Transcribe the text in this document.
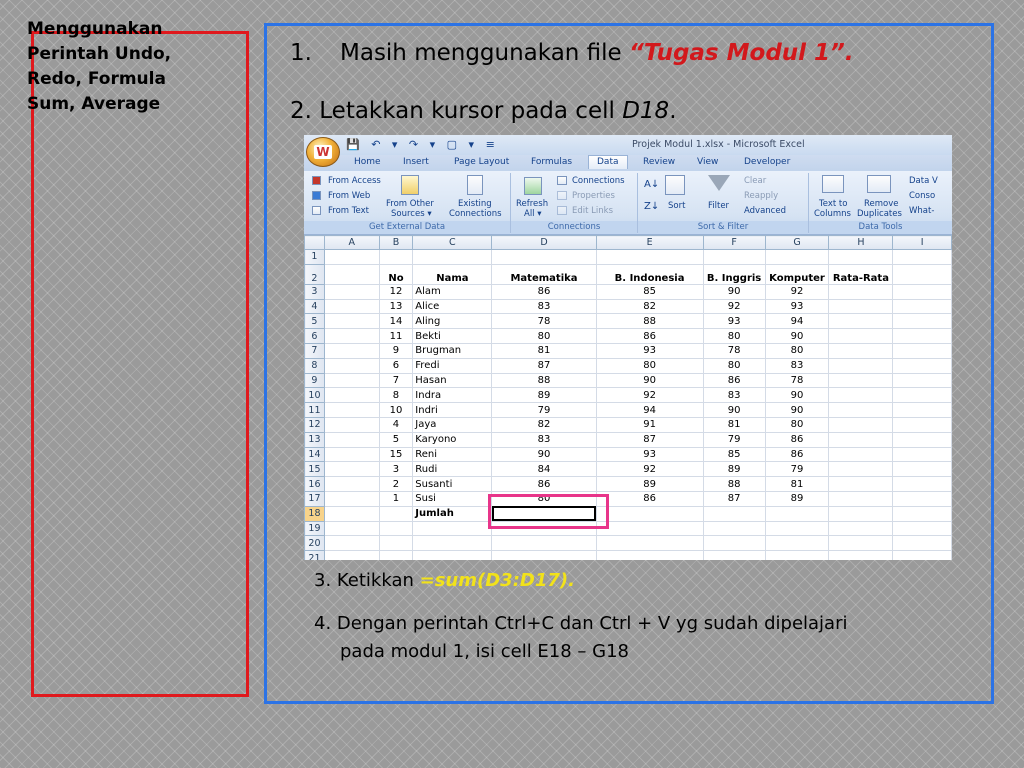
Menggunakan Perintah Undo, Redo, Formula Sum, Average
1. Masih menggunakan file “Tugas Modul 1”.
2. Letakkan kursor pada cell D18.
W
💾 ↶ ▾ ↷ ▾ ▢ ▾ ≡	Projek Modul 1.xlsx - Microsoft Excel
Home Insert	Page Layout Formulas	Data	Review View	Developer
From Access
From Web
From Text
From Other
Sources ▾
Existing
Connections
Get External Data
Refresh
All ▾
Connections
Properties
Edit Links
Connections
A↓
Z↓ Sort	Filter
Clear
Reapply
Advanced
Sort & Filter
Text to
Columns
Remove
Duplicates
Data V
Conso
What-
Data Tools
	A	B	C	D	E	F	G	H	I
1									
2		No	Nama	Matematika	B. Indonesia	B. Inggris	Komputer	Rata-Rata	
3		12	Alam	86	85	90	92		
4		13	Alice	83	82	92	93		
5		14	Aling	78	88	93	94		
6		11	Bekti	80	86	80	90		
7		9	Brugman	81	93	78	80		
8		6	Fredi	87	80	80	83		
9		7	Hasan	88	90	86	78		
10		8	Indra	89	92	83	90		
11		10	Indri	79	94	90	90		
12		4	Jaya	82	91	81	80		
13		5	Karyono	83	87	79	86		
14		15	Reni	90	93	85	86		
15		3	Rudi	84	92	89	79		
16		2	Susanti	86	89	88	81		
17		1	Susi	80	86	87	89		
18			Jumlah						
19									
20									
21									
3. Ketikkan =sum(D3:D17).
4. Dengan perintah Ctrl+C dan Ctrl + V yg sudah dipelajari
pada modul 1, isi cell E18 – G18
